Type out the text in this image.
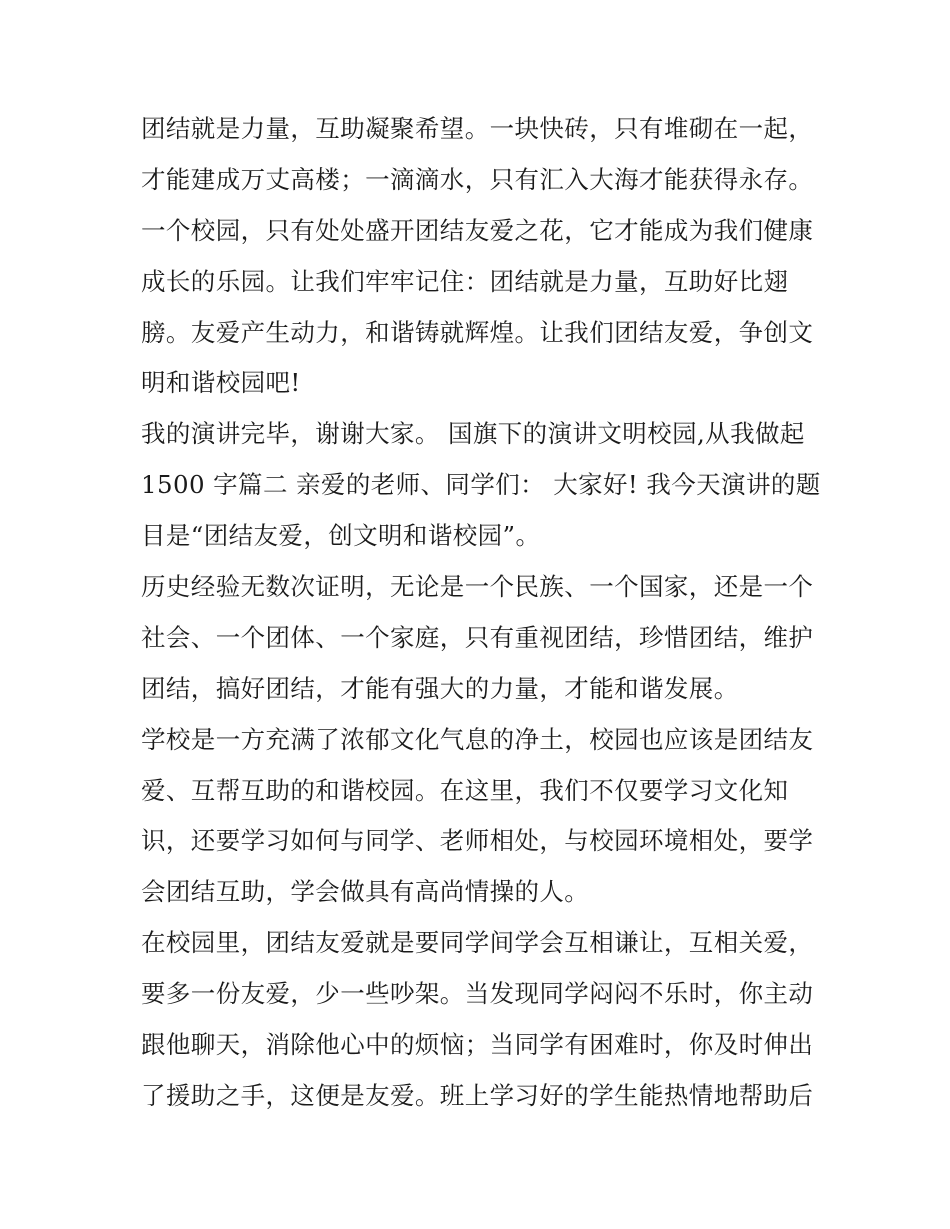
团结就是力量，互助凝聚希望。一块快砖，只有堆砌在一起，
才能建成万丈高楼；一滴滴水，只有汇入大海才能获得永存。
一个校园，只有处处盛开团结友爱之花，它才能成为我们健康
成长的乐园。让我们牢牢记住：团结就是力量，互助好比翅
膀。友爱产生动力，和谐铸就辉煌。让我们团结友爱，争创文
明和谐校园吧!

我的演讲完毕，谢谢大家。 国旗下的演讲文明校园,从我做起
1500 字篇二 亲爱的老师、同学们： 大家好! 我今天演讲的题
目是“团结友爱，创文明和谐校园”。

历史经验无数次证明，无论是一个民族、一个国家，还是一个
社会、一个团体、一个家庭，只有重视团结，珍惜团结，维护
团结，搞好团结，才能有强大的力量，才能和谐发展。

学校是一方充满了浓郁文化气息的净土，校园也应该是团结友
爱、互帮互助的和谐校园。在这里，我们不仅要学习文化知
识，还要学习如何与同学、老师相处，与校园环境相处，要学
会团结互助，学会做具有高尚情操的人。

在校园里，团结友爱就是要同学间学会互相谦让，互相关爱，
要多一份友爱，少一些吵架。当发现同学闷闷不乐时，你主动
跟他聊天，消除他心中的烦恼；当同学有困难时，你及时伸出
了援助之手，这便是友爱。班上学习好的学生能热情地帮助后
